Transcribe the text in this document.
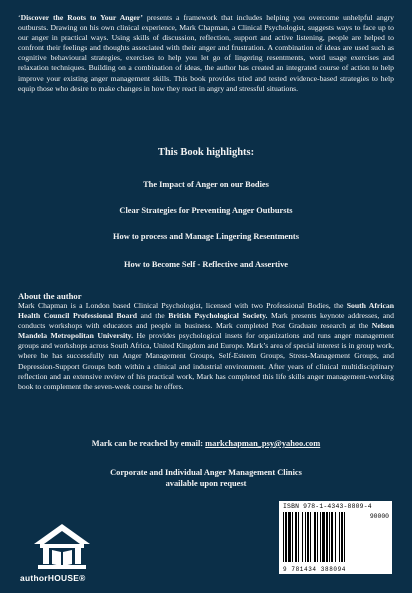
‘Discover the Roots to Your Anger’ presents a framework that includes helping you overcome unhelpful angry outbursts. Drawing on his own clinical experience, Mark Chapman, a Clinical Psychologist, suggests ways to face up to our anger in practical ways. Using skills of discussion, reflection, support and active listening, people are helped to confront their feelings and thoughts associated with their anger and frustration. A combination of ideas are used such as cognitive behavioural strategies, exercises to help you let go of lingering resentments, word usage exercises and relaxation techniques. Building on a combination of ideas, the author has created an integrated course of action to help improve your existing anger management skills. This book provides tried and tested evidence-based strategies to help equip those who desire to make changes in how they react in angry and stressful situations.

This Book highlights:
The Impact of Anger on our Bodies
Clear Strategies for Preventing Anger Outbursts
How to process and Manage Lingering Resentments
How to Become Self - Reflective and Assertive
About the author

Mark Chapman is a London based Clinical Psychologist, licensed with two Professional Bodies, the South African Health Council Professional Board and the British Psychological Society. Mark presents keynote addresses, and conducts workshops with educators and people in business. Mark completed Post Graduate research at the Nelson Mandela Metropolitan University. He provides psychological insets for organizations and runs anger management groups and workshops across South Africa, United Kingdom and Europe. Mark’s area of special interest is in group work, where he has successfully run Anger Management Groups, Self-Esteem Groups, Stress-Management Groups, and Depression-Support Groups both within a clinical and industrial environment. After years of clinical multidisciplinary reflection and an extensive review of his practical work, Mark has completed this life skills anger management-working book to complement the seven-week course he offers.

Mark can be reached by email: markchapman_psy@yahoo.com
Corporate and Individual Anger Management Clinics
available upon request
authorHOUSE®
ISBN 978-1-4343-8809-4
90000
9 781434 388094
